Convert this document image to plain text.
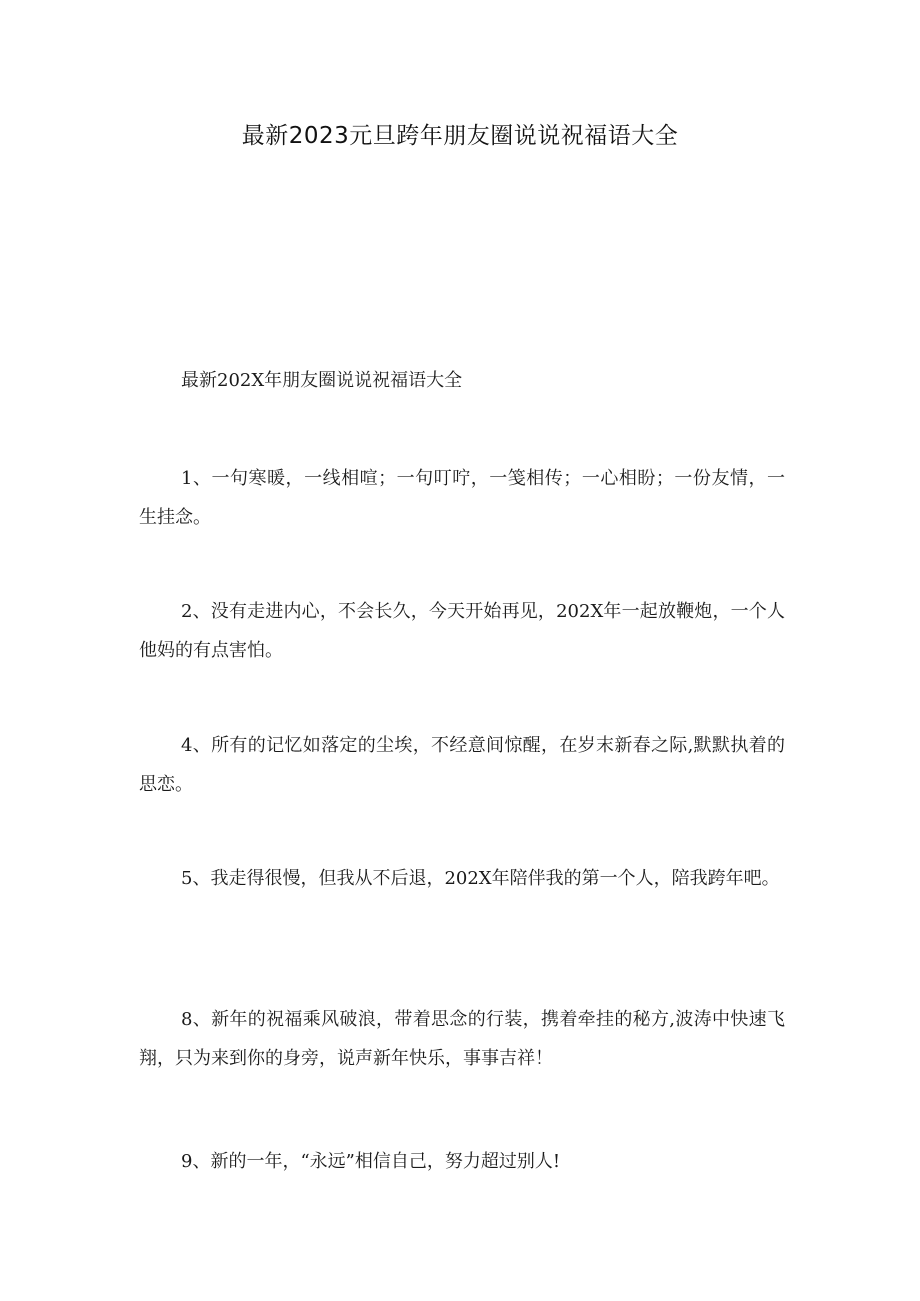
最新2023元旦跨年朋友圈说说祝福语大全
最新202X年朋友圈说说祝福语大全

1、一句寒暖，一线相喧；一句叮咛，一笺相传；一心相盼；一份友情，一生挂念。

2、没有走进内心，不会长久，今天开始再见，202X年一起放鞭炮，一个人他妈的有点害怕。

4、所有的记忆如落定的尘埃，不经意间惊醒，在岁末新春之际,默默执着的思恋。

5、我走得很慢，但我从不后退，202X年陪伴我的第一个人，陪我跨年吧。

8、新年的祝福乘风破浪，带着思念的行装，携着牵挂的秘方,波涛中快速飞翔，只为来到你的身旁，说声新年快乐，事事吉祥！

9、新的一年，“永远”相信自己，努力超过别人!
